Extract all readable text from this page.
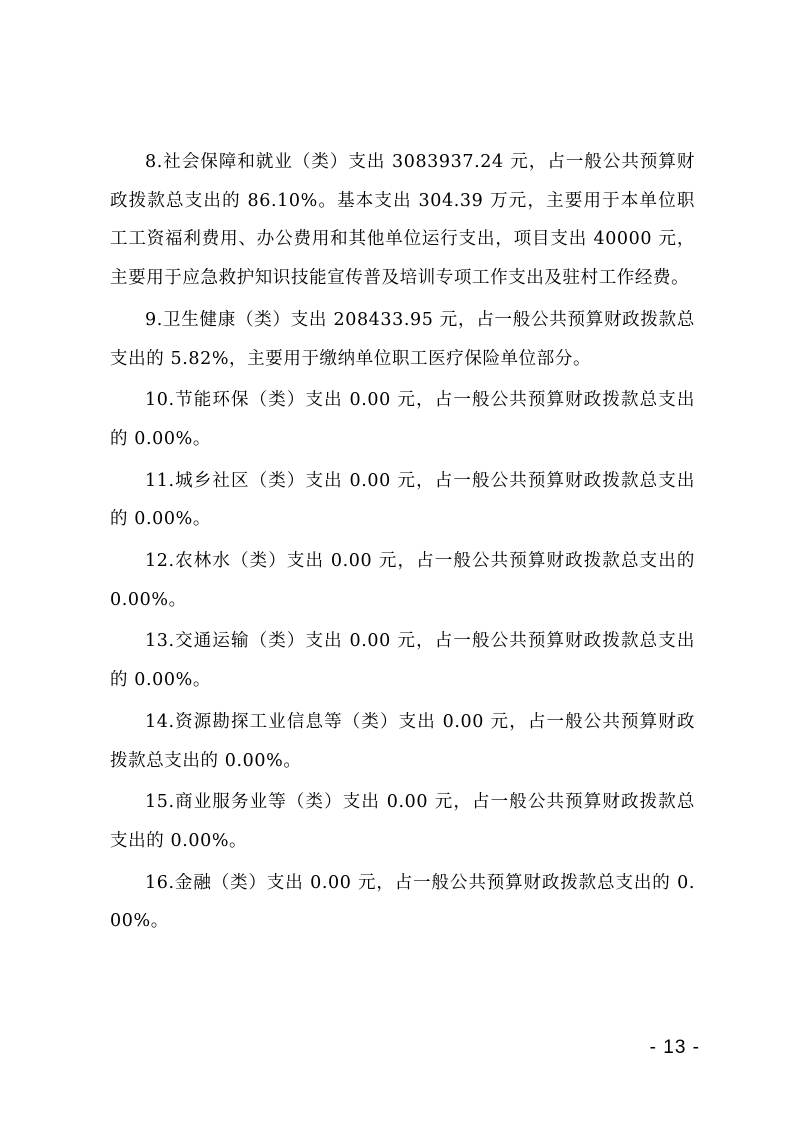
8.社会保障和就业（类）支出 3083937.24 元，占一般公共预算财政拨款总支出的 86.10%。基本支出 304.39 万元，主要用于本单位职工工资福利费用、办公费用和其他单位运行支出，项目支出 40000 元，主要用于应急救护知识技能宣传普及培训专项工作支出及驻村工作经费。

9.卫生健康（类）支出 208433.95 元，占一般公共预算财政拨款总支出的 5.82%，主要用于缴纳单位职工医疗保险单位部分。

10.节能环保（类）支出 0.00 元，占一般公共预算财政拨款总支出的 0.00%。

11.城乡社区（类）支出 0.00 元，占一般公共预算财政拨款总支出的 0.00%。

12.农林水（类）支出 0.00 元，占一般公共预算财政拨款总支出的 0.00%。

13.交通运输（类）支出 0.00 元，占一般公共预算财政拨款总支出的 0.00%。

14.资源勘探工业信息等（类）支出 0.00 元，占一般公共预算财政拨款总支出的 0.00%。

15.商业服务业等（类）支出 0.00 元，占一般公共预算财政拨款总支出的 0.00%。

16.金融（类）支出 0.00 元，占一般公共预算财政拨款总支出的 0.00%。

- 13 -
